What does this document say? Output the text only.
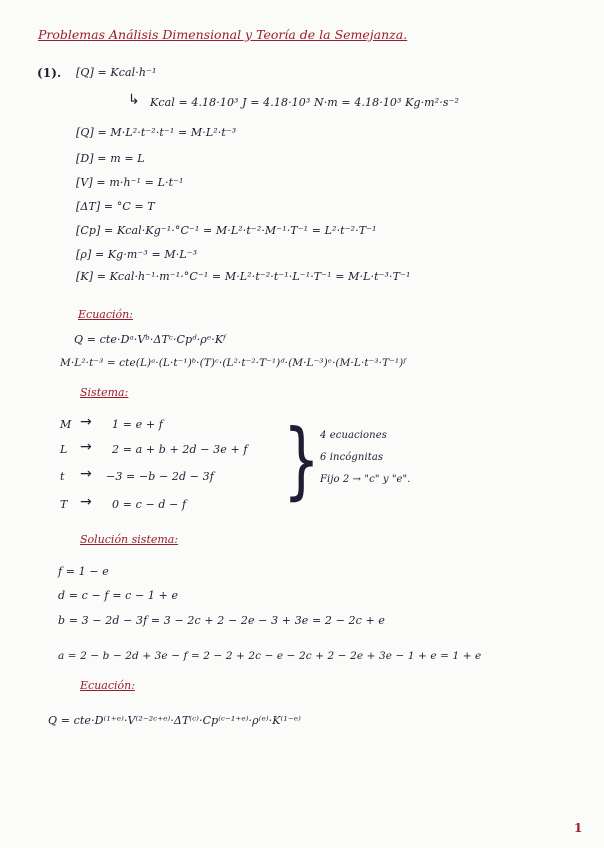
Problemas Análisis Dimensional y Teoría de la Semejanza.
(1). [Q] = Kcal·h⁻¹
↳ Kcal = 4.18·10³ J = 4.18·10³ N·m = 4.18·10³ Kg·m²·s⁻²
[Q] = M·L²·t⁻²·t⁻¹ = M·L²·t⁻³
[D] = m = L
[V] = m·h⁻¹ = L·t⁻¹
[ΔT] = °C = T
[Cp] = Kcal·Kg⁻¹·°C⁻¹ = M·L²·t⁻²·M⁻¹·T⁻¹ = L²·t⁻²·T⁻¹
[ρ] = Kg·m⁻³ = M·L⁻³
[K] = Kcal·h⁻¹·m⁻¹·°C⁻¹ = M·L²·t⁻²·t⁻¹·L⁻¹·T⁻¹ = M·L·t⁻³·T⁻¹
Ecuación:
Q = cte·Dᵃ·Vᵇ·ΔTᶜ·Cpᵈ·ρᵉ·Kᶠ
M·L²·t⁻³ = cte(L)ᵃ·(L·t⁻¹)ᵇ·(T)ᶜ·(L²·t⁻²·T⁻¹)ᵈ·(M·L⁻³)ᵉ·(M·L·t⁻³·T⁻¹)ᶠ
Sistema:
M → 1 = e + f
L → 2 = a + b + 2d − 3e + f
t → −3 = −b − 2d − 3f
T → 0 = c − d − f } 4 ecuaciones
6 incógnitas
Fijo 2 → "c" y "e".
Solución sistema:
f = 1 − e
d = c − f = c − 1 + e
b = 3 − 2d − 3f = 3 − 2c + 2 − 2e − 3 + 3e = 2 − 2c + e
a = 2 − b − 2d + 3e − f = 2 − 2 + 2c − e − 2c + 2 − 2e + 3e − 1 + e = 1 + e
Ecuación:
Q = cte·D⁽¹⁺ᵉ⁾·V⁽²⁻²ᶜ⁺ᵉ⁾·ΔT⁽ᶜ⁾·Cp⁽ᶜ⁻¹⁺ᵉ⁾·ρ⁽ᵉ⁾·K⁽¹⁻ᵉ⁾
1
